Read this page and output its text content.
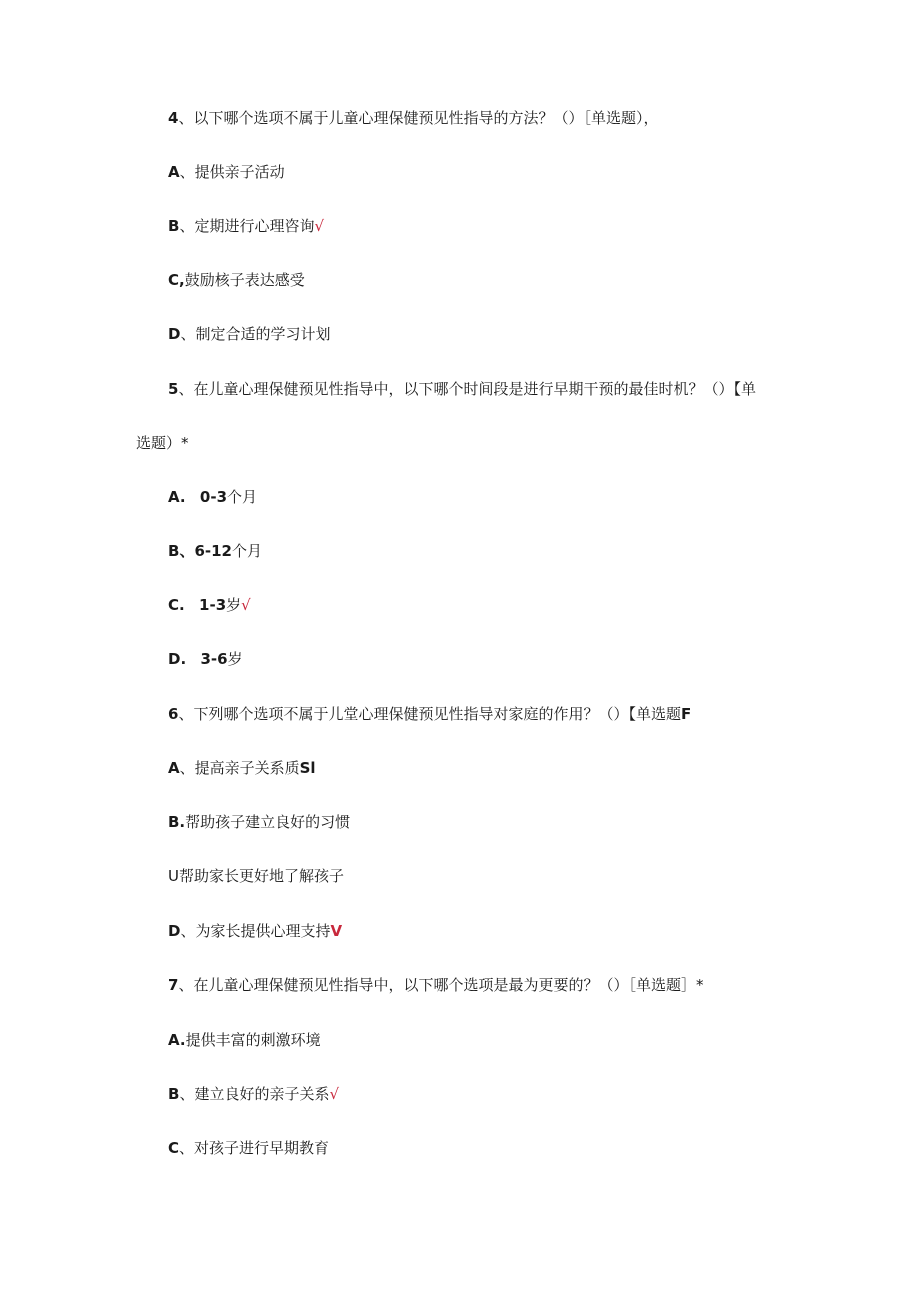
4、以下哪个选项不属于儿童心理保健预见性指导的方法？（）［单选题），
A、提供亲子活动
B、定期进行心理咨询√
C,鼓励核子表达感受
D、制定合适的学习计划
5、在儿童心理保健预见性指导中，以下哪个时间段是进行早期干预的最佳时机？（）【单
选题）*
A. 0-3个月
B、6-12个月
C. 1-3岁√
D. 3-6岁
6、下列哪个选项不属于儿堂心理保健预见性指导对家庭的作用？（）【单选题F
A、提高亲子关系质Sl
B.帮助孩子建立良好的习惯
U帮助家长更好地了解孩子
D、为家长提供心理支持V
7、在儿童心理保健预见性指导中，以下哪个选项是最为更要的？（）［单选题］*
A.提供丰富的刺激环境
B、建立良好的亲子关系√
C、对孩子进行早期教育
